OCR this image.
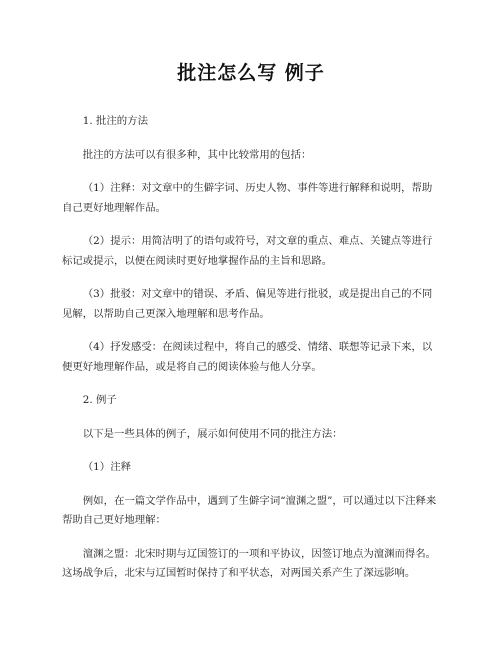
批注怎么写 例子

1. 批注的方法

批注的方法可以有很多种，其中比较常用的包括：

（1）注释：对文章中的生僻字词、历史人物、事件等进行解释和说明，帮助自己更好地理解作品。

（2）提示：用简洁明了的语句或符号，对文章的重点、难点、关键点等进行标记或提示，以便在阅读时更好地掌握作品的主旨和思路。

（3）批驳：对文章中的错误、矛盾、偏见等进行批驳，或是提出自己的不同见解，以帮助自己更深入地理解和思考作品。

（4）抒发感受：在阅读过程中，将自己的感受、情绪、联想等记录下来，以便更好地理解作品，或是将自己的阅读体验与他人分享。

2. 例子

以下是一些具体的例子，展示如何使用不同的批注方法：

（1）注释

例如，在一篇文学作品中，遇到了生僻字词“澶渊之盟”，可以通过以下注释来帮助自己更好地理解：

澶渊之盟：北宋时期与辽国签订的一项和平协议，因签订地点为澶渊而得名。这场战争后，北宋与辽国暂时保持了和平状态，对两国关系产生了深远影响。
